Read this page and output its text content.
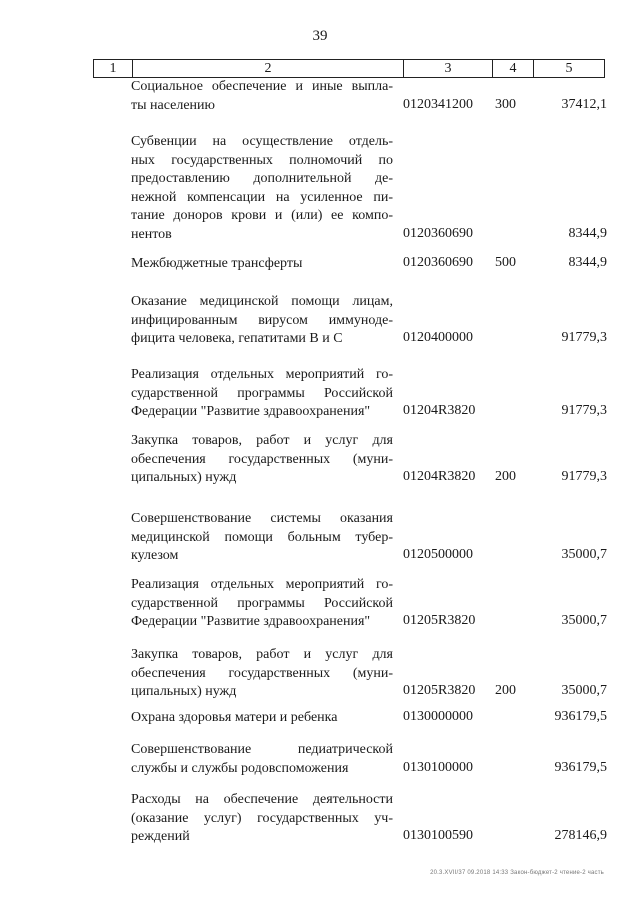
39
1	2	3	4	5
Социальное обеспечение и иные выпла-
ты населению	0120341200 300	37412,1
Субвенции на осуществление отдель-
ных государственных полномочий по
предоставлению дополнительной де-
нежной компенсации на усиленное пи-
тание доноров крови и (или) ее компо-
нентов	0120360690	8344,9
Межбюджетные трансферты	0120360690 500	8344,9
Оказание медицинской помощи лицам,
инфицированным вирусом иммуноде-
фицита человека, гепатитами В и С	0120400000	91779,3
Реализация отдельных мероприятий го-
сударственной программы Российской
Федерации "Развитие здравоохранения"	01204R3820	91779,3
Закупка товаров, работ и услуг для
обеспечения государственных (муни-
ципальных) нужд	01204R3820 200	91779,3
Совершенствование системы оказания
медицинской помощи больным тубер-
кулезом	0120500000	35000,7
Реализация отдельных мероприятий го-
сударственной программы Российской
Федерации "Развитие здравоохранения"	01205R3820	35000,7
Закупка товаров, работ и услуг для
обеспечения государственных (муни-
ципальных) нужд	01205R3820 200	35000,7
Охрана здоровья матери и ребенка	0130000000	936179,5
Совершенствование педиатрической
службы и службы родовспоможения	0130100000	936179,5
Расходы на обеспечение деятельности
(оказание услуг) государственных уч-
реждений	0130100590	278146,9
20.3.XVII/37 09.2018 14:33 Закон-бюджет-2 чтение-2 часть
